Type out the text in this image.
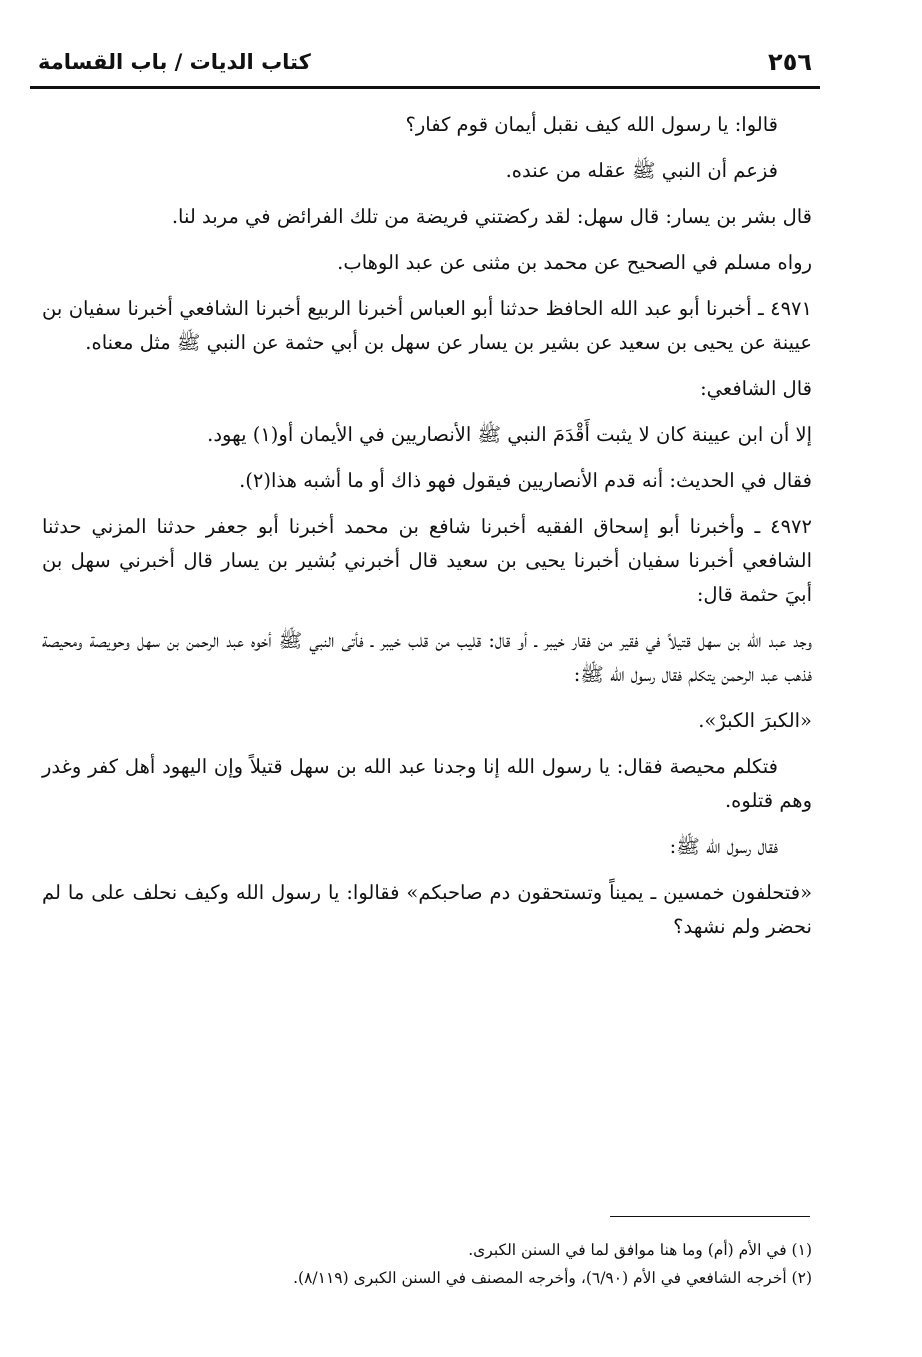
كتاب الديات / باب القسامة	٢٥٦

قالوا: يا رسول الله كيف نقبل أيمان قوم كفار؟

فزعم أن النبي ﷺ عقله من عنده.

قال بشر بن يسار: قال سهل: لقد ركضتني فريضة من تلك الفرائض في مربد لنا.

رواه مسلم في الصحيح عن محمد بن مثنى عن عبد الوهاب.

٤٩٧١ ـ أخبرنا أبو عبد الله الحافظ حدثنا أبو العباس أخبرنا الربيع أخبرنا الشافعي أخبرنا سفيان بن عيينة عن يحيى بن سعيد عن بشير بن يسار عن سهل بن أبي حثمة عن النبي ﷺ مثل معناه.

قال الشافعي:

إلا أن ابن عيينة كان لا يثبت أَقْدَمَ النبي ﷺ الأنصاريين في الأيمان أو(١) يهود.

فقال في الحديث: أنه قدم الأنصاريين فيقول فهو ذاك أو ما أشبه هذا(٢).

٤٩٧٢ ـ وأخبرنا أبو إسحاق الفقيه أخبرنا شافع بن محمد أخبرنا أبو جعفر حدثنا المزني حدثنا الشافعي أخبرنا سفيان أخبرنا يحيى بن سعيد قال أخبرني بُشير بن يسار قال أخبرني سهل بن أبيَ حثمة قال:

وجد عبد الله بن سهل قتيلاً في فقير من فقار خيبر ـ أو قال: قليب من قلب خيبر ـ فأتى النبي ﷺ أخوه عبد الرحمن بن سهل وحويصة ومحيصة فذهب عبد الرحمن يتكلم فقال رسول الله ﷺ:

«الكبرَ الكبرْ».

فتكلم محيصة فقال: يا رسول الله إنا وجدنا عبد الله بن سهل قتيلاً وإن اليهود أهل كفر وغدر وهم قتلوه.

فقال رسول الله ﷺ:

«فتحلفون خمسين ـ يميناً وتستحقون دم صاحبكم» فقالوا: يا رسول الله وكيف نحلف على ما لم نحضر ولم نشهد؟

(١) في الأم (أم) وما هنا موافق لما في السنن الكبرى.

(٢) أخرجه الشافعي في الأم (٦/٩٠)، وأخرجه المصنف في السنن الكبرى (٨/١١٩).
